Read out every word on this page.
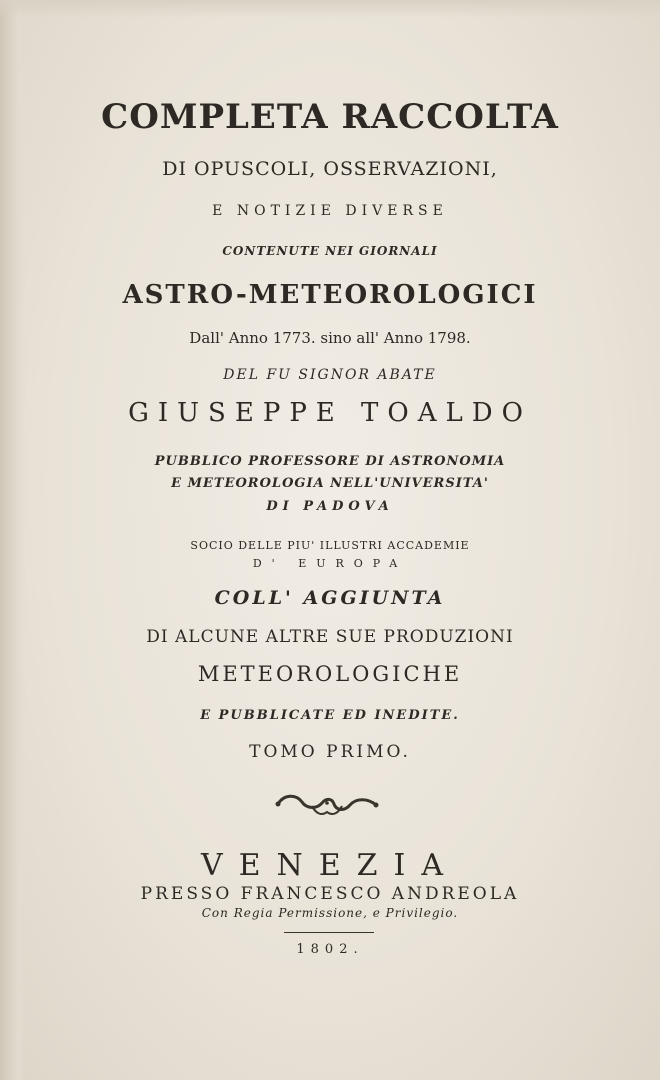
COMPLETA RACCOLTA
DI OPUSCOLI, OSSERVAZIONI,
E NOTIZIE DIVERSE
CONTENUTE NEI GIORNALI
ASTRO-METEOROLOGICI
Dall' Anno 1773. sino all' Anno 1798.
DEL FU SIGNOR ABATE
GIUSEPPE TOALDO
PUBBLICO PROFESSORE DI ASTRONOMIA
E METEOROLOGIA NELL'UNIVERSITA'
DI PADOVA
SOCIO DELLE PIU' ILLUSTRI ACCADEMIE
D' EUROPA
COLL' AGGIUNTA
DI ALCUNE ALTRE SUE PRODUZIONI
METEOROLOGICHE
E PUBBLICATE ED INEDITE.
TOMO PRIMO.
VENEZIA
PRESSO FRANCESCO ANDREOLA
Con Regia Permissione, e Privilegio.
1802.
